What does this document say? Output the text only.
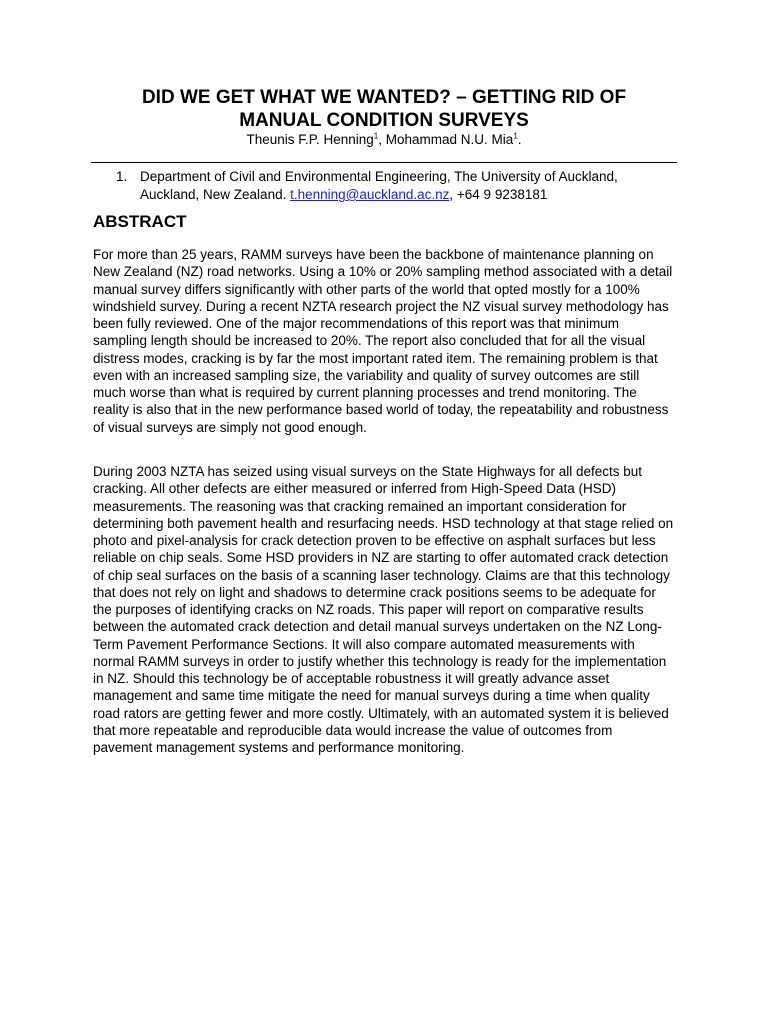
DID WE GET WHAT WE WANTED? – GETTING RID OF
MANUAL CONDITION SURVEYS
Theunis F.P. Henning$^1$, Mohammad N.U. Mia$^1$.
1. Department of Civil and Environmental Engineering, The University of Auckland, Auckland, New Zealand. t.henning@auckland.ac.nz, +64 9 9238181
ABSTRACT

For more than 25 years, RAMM surveys have been the backbone of maintenance planning on New Zealand (NZ) road networks. Using a 10% or 20% sampling method associated with a detail manual survey differs significantly with other parts of the world that opted mostly for a 100% windshield survey. During a recent NZTA research project the NZ visual survey methodology has been fully reviewed. One of the major recommendations of this report was that minimum sampling length should be increased to 20%. The report also concluded that for all the visual distress modes, cracking is by far the most important rated item. The remaining problem is that even with an increased sampling size, the variability and quality of survey outcomes are still much worse than what is required by current planning processes and trend monitoring. The reality is also that in the new performance based world of today, the repeatability and robustness of visual surveys are simply not good enough.

During 2003 NZTA has seized using visual surveys on the State Highways for all defects but cracking. All other defects are either measured or inferred from High-Speed Data (HSD) measurements. The reasoning was that cracking remained an important consideration for determining both pavement health and resurfacing needs. HSD technology at that stage relied on photo and pixel-analysis for crack detection proven to be effective on asphalt surfaces but less reliable on chip seals. Some HSD providers in NZ are starting to offer automated crack detection of chip seal surfaces on the basis of a scanning laser technology. Claims are that this technology that does not rely on light and shadows to determine crack positions seems to be adequate for the purposes of identifying cracks on NZ roads. This paper will report on comparative results between the automated crack detection and detail manual surveys undertaken on the NZ Long-Term Pavement Performance Sections. It will also compare automated measurements with normal RAMM surveys in order to justify whether this technology is ready for the implementation in NZ. Should this technology be of acceptable robustness it will greatly advance asset management and same time mitigate the need for manual surveys during a time when quality road rators are getting fewer and more costly. Ultimately, with an automated system it is believed that more repeatable and reproducible data would increase the value of outcomes from pavement management systems and performance monitoring.
